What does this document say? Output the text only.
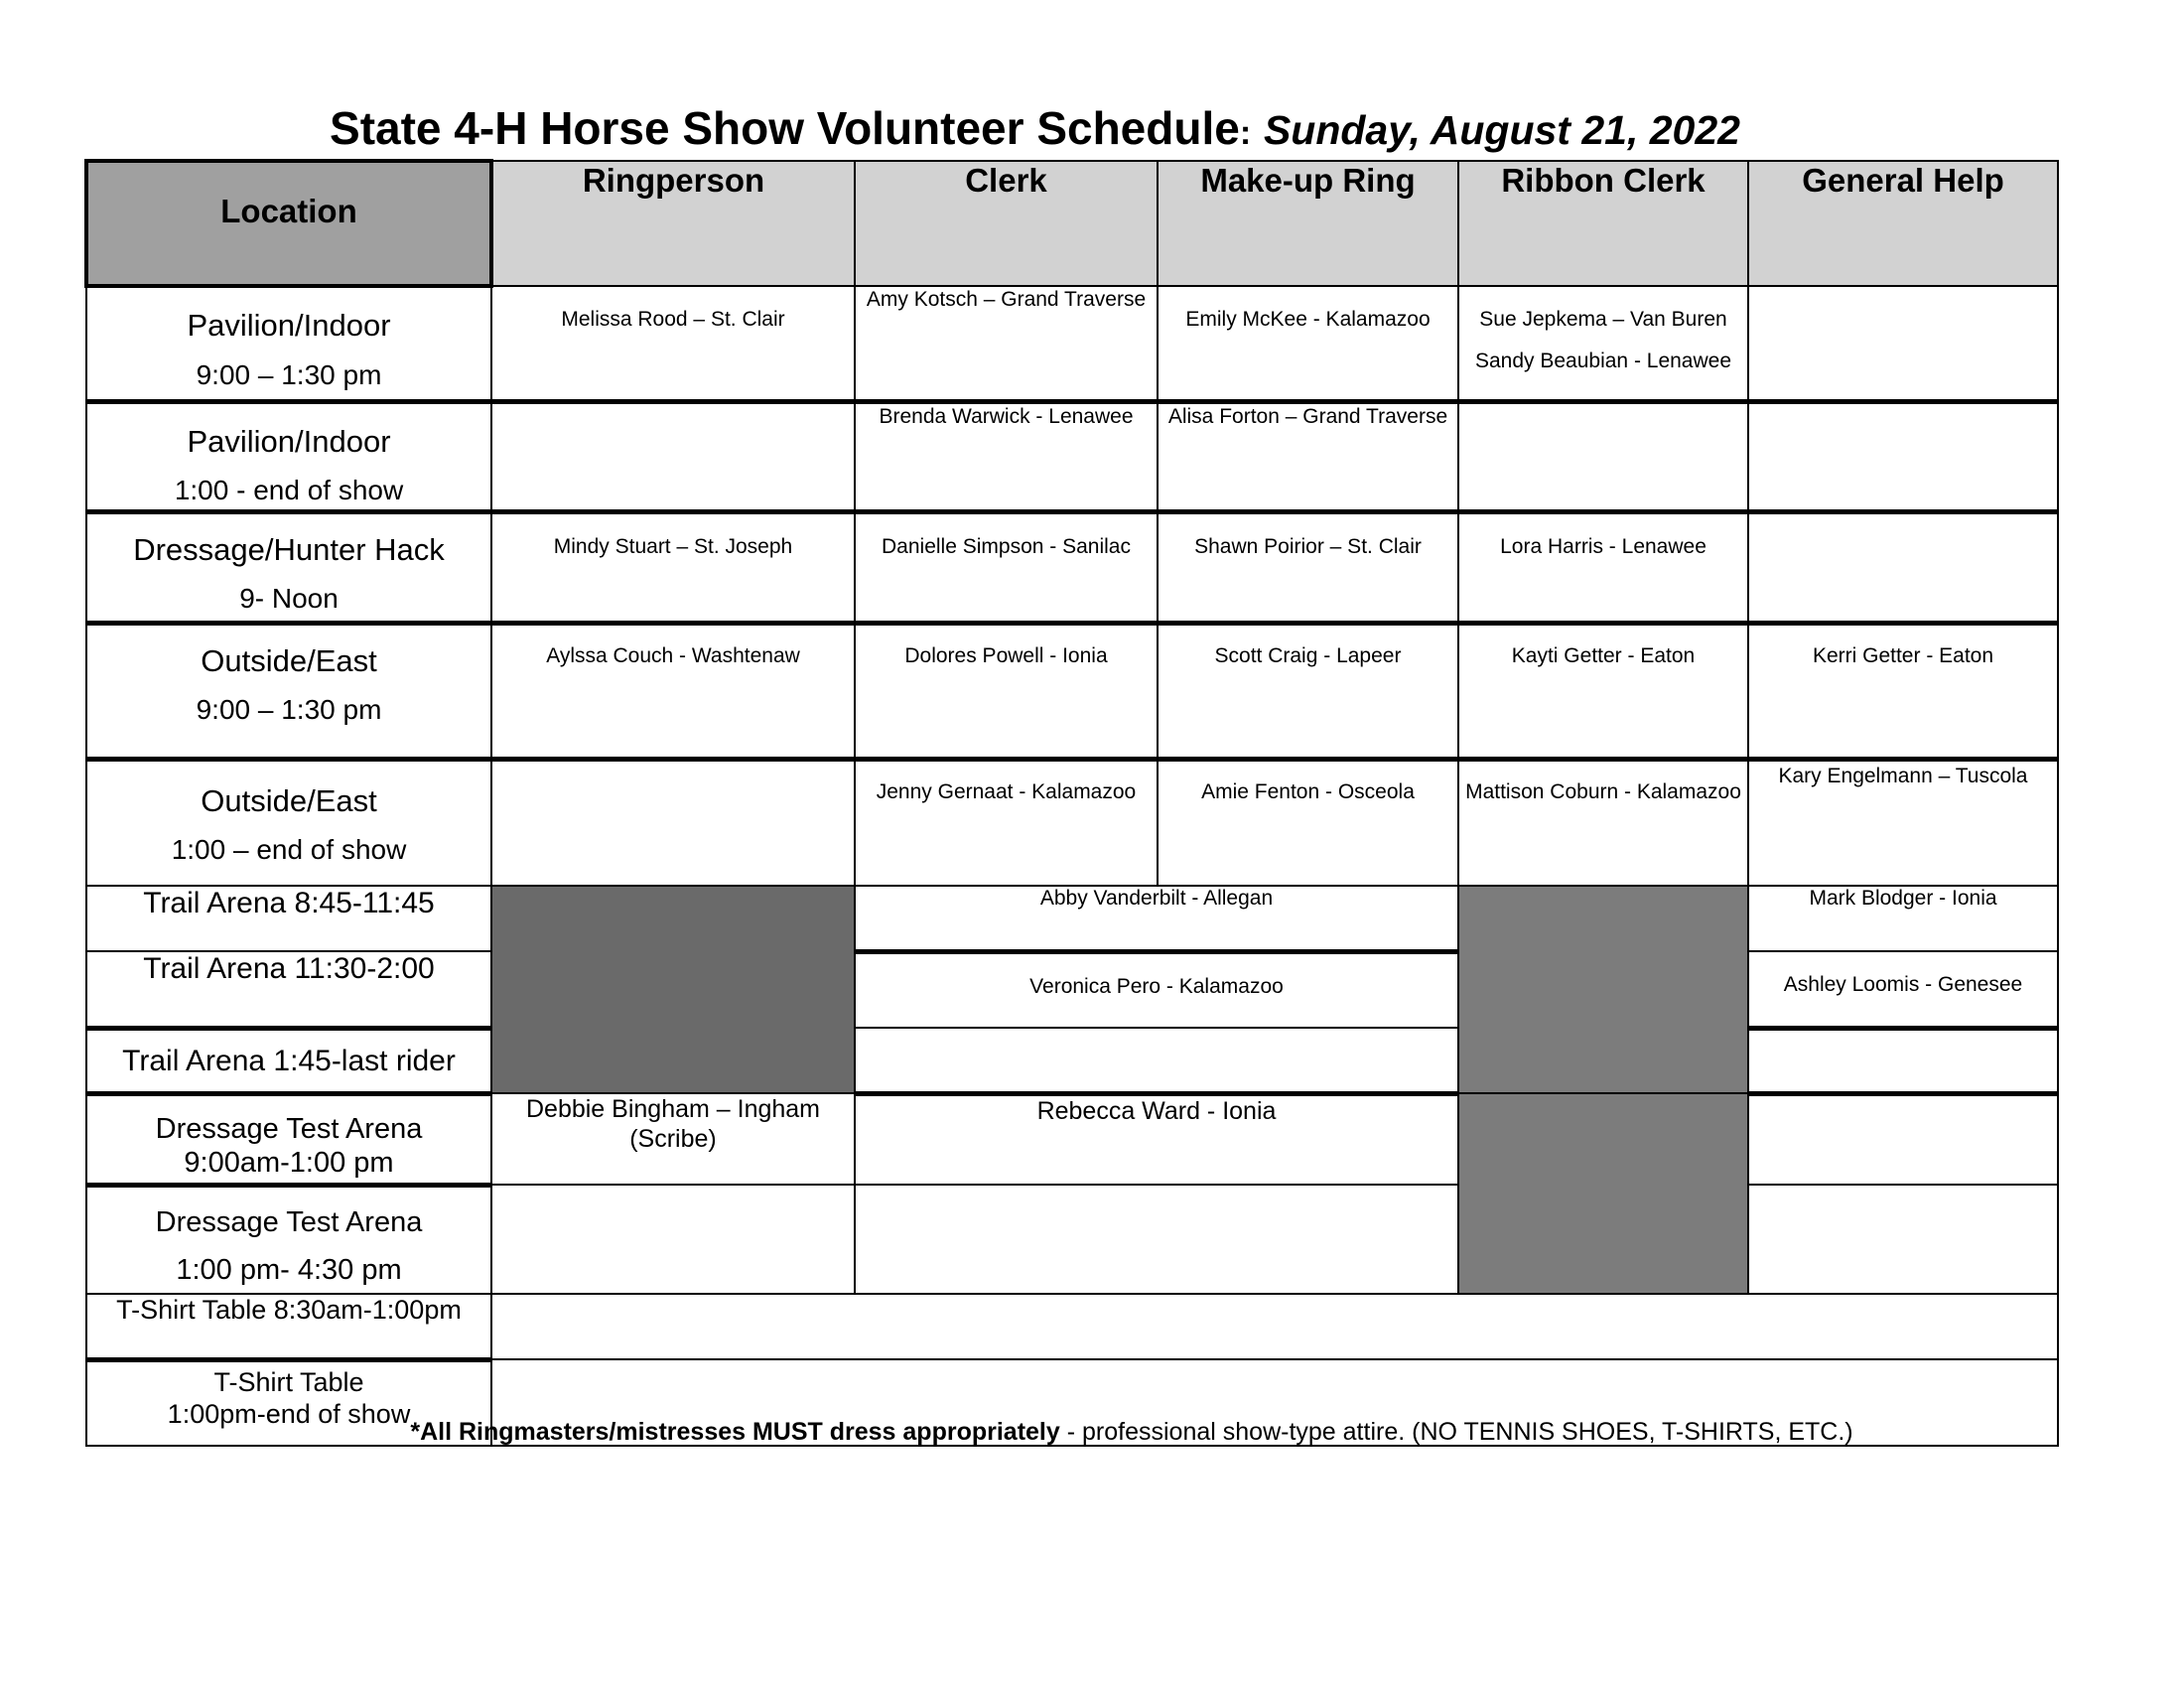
State 4-H Horse Show Volunteer Schedule: Sunday, August 21, 2022
Location	Ringperson	Clerk	Make-up Ring	Ribbon Clerk	General Help

Pavilion/Indoor
9:00 – 1:30 pm	Melissa Rood – St. Clair	Amy Kotsch – Grand Traverse	Emily McKee - Kalamazoo	Sue Jepkema – Van Buren
Sandy Beaubian - Lenawee	

Pavilion/Indoor
1:00 - end of show		Brenda Warwick - Lenawee	Alisa Forton – Grand Traverse		

Dressage/Hunter Hack
9- Noon	Mindy Stuart – St. Joseph	Danielle Simpson - Sanilac	Shawn Poirior – St. Clair	Lora Harris - Lenawee	

Outside/East
9:00 – 1:30 pm	Aylssa Couch - Washtenaw	Dolores Powell - Ionia	Scott Craig - Lapeer	Kayti Getter - Eaton	Kerri Getter - Eaton

Outside/East
1:00 – end of show		Jenny Gernaat - Kalamazoo	Amie Fenton - Osceola	Mattison Coburn - Kalamazoo	Kary Engelmann – Tuscola
Trail Arena 8:45-11:45		Abby Vanderbilt - Allegan			Mark Blodger - Ionia
Trail Arena 11:30-2:00		Veronica Pero - Kalamazoo			Ashley Loomis - Genesee
Trail Arena 1:45-last rider					

Dressage Test Arena
9:00am-1:00 pm	Debbie Bingham – Ingham (Scribe)	Rebecca Ward - Ionia			

Dressage Test Arena
1:00 pm- 4:30 pm					

T-Shirt Table 8:30am-1:00pm					

T-Shirt Table
1:00pm-end of show					

*All Ringmasters/mistresses MUST dress appropriately - professional show-type attire. (NO TENNIS SHOES, T-SHIRTS, ETC.)
